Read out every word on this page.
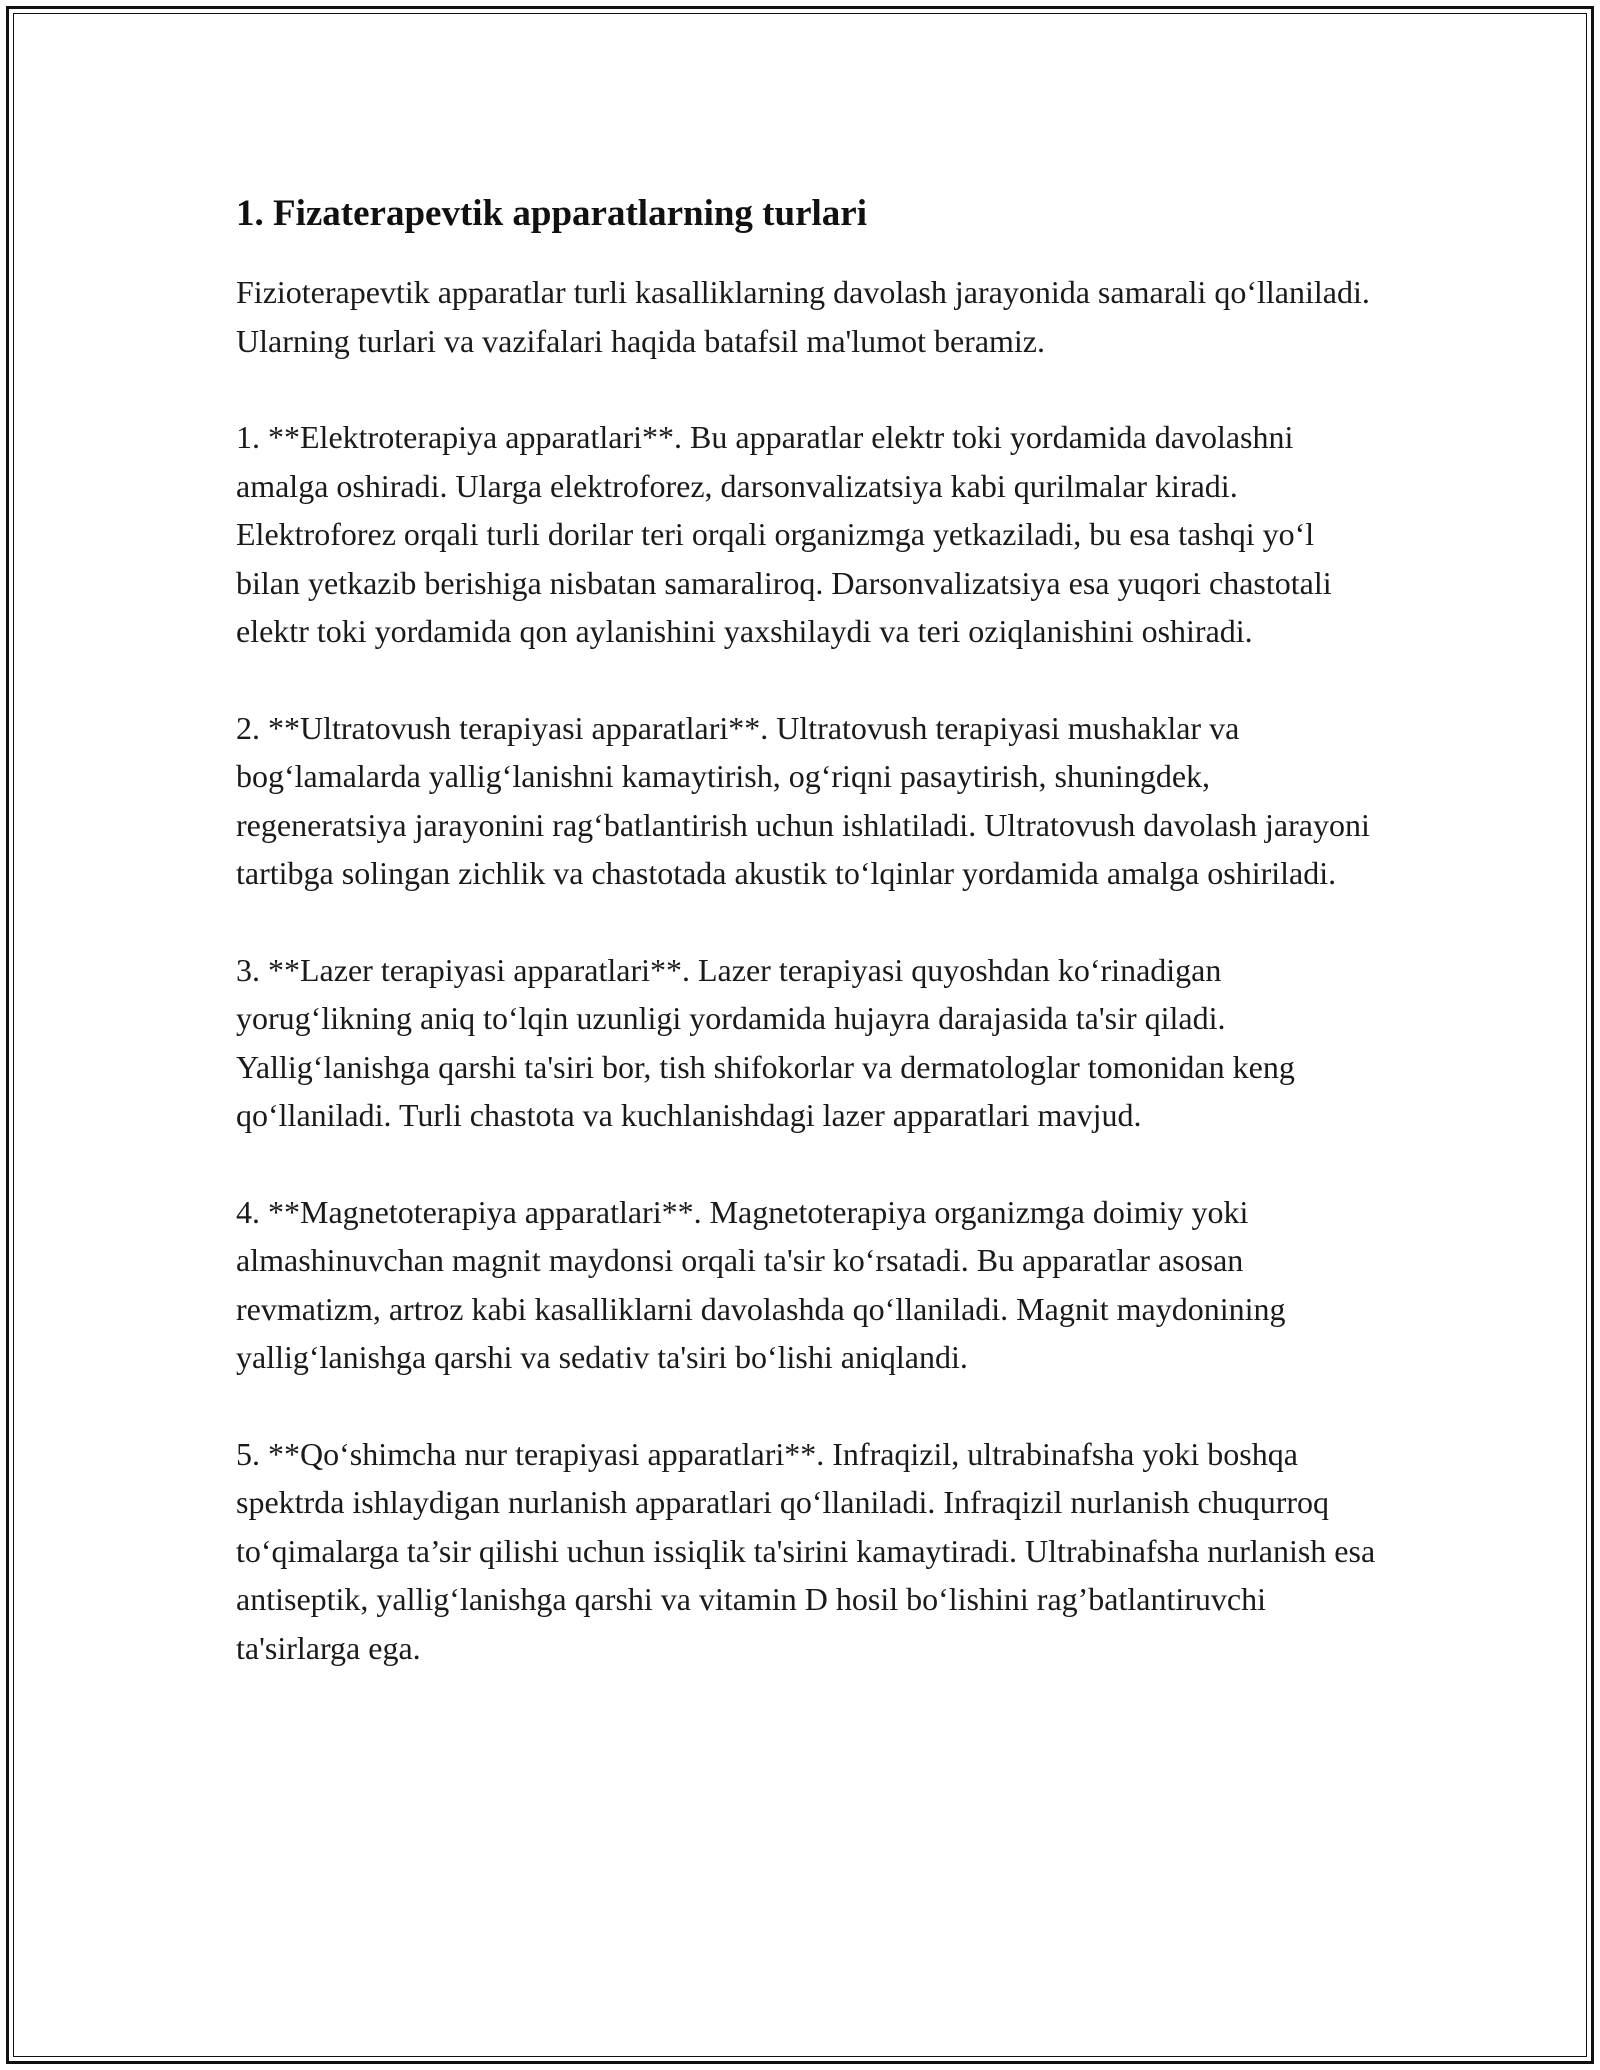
1. Fizaterapevtik apparatlarning turlari

Fizioterapevtik apparatlar turli kasalliklarning davolash jarayonida samarali qo‘llaniladi. Ularning turlari va vazifalari haqida batafsil ma'lumot beramiz.

1. **Elektroterapiya apparatlari**. Bu apparatlar elektr toki yordamida davolashni amalga oshiradi. Ularga elektroforez, darsonvalizatsiya kabi qurilmalar kiradi. Elektroforez orqali turli dorilar teri orqali organizmga yetkaziladi, bu esa tashqi yo‘l bilan yetkazib berishiga nisbatan samaraliroq. Darsonvalizatsiya esa yuqori chastotali elektr toki yordamida qon aylanishini yaxshilaydi va teri oziqlanishini oshiradi.

2. **Ultratovush terapiyasi apparatlari**. Ultratovush terapiyasi mushaklar va bog‘lamalarda yallig‘lanishni kamaytirish, og‘riqni pasaytirish, shuningdek, regeneratsiya jarayonini rag‘batlantirish uchun ishlatiladi. Ultratovush davolash jarayoni tartibga solingan zichlik va chastotada akustik to‘lqinlar yordamida amalga oshiriladi.

3. **Lazer terapiyasi apparatlari**. Lazer terapiyasi quyoshdan ko‘rinadigan yorug‘likning aniq to‘lqin uzunligi yordamida hujayra darajasida ta'sir qiladi. Yallig‘lanishga qarshi ta'siri bor, tish shifokorlar va dermatologlar tomonidan keng qo‘llaniladi. Turli chastota va kuchlanishdagi lazer apparatlari mavjud.

4. **Magnetoterapiya apparatlari**. Magnetoterapiya organizmga doimiy yoki almashinuvchan magnit maydonsi orqali ta'sir ko‘rsatadi. Bu apparatlar asosan revmatizm, artroz kabi kasalliklarni davolashda qo‘llaniladi. Magnit maydonining yallig‘lanishga qarshi va sedativ ta'siri bo‘lishi aniqlandi.

5. **Qo‘shimcha nur terapiyasi apparatlari**. Infraqizil, ultrabinafsha yoki boshqa spektrda ishlaydigan nurlanish apparatlari qo‘llaniladi. Infraqizil nurlanish chuqurroq to‘qimalarga ta’sir qilishi uchun issiqlik ta'sirini kamaytiradi. Ultrabinafsha nurlanish esa antiseptik, yallig‘lanishga qarshi va vitamin D hosil bo‘lishini rag’batlantiruvchi ta'sirlarga ega.
